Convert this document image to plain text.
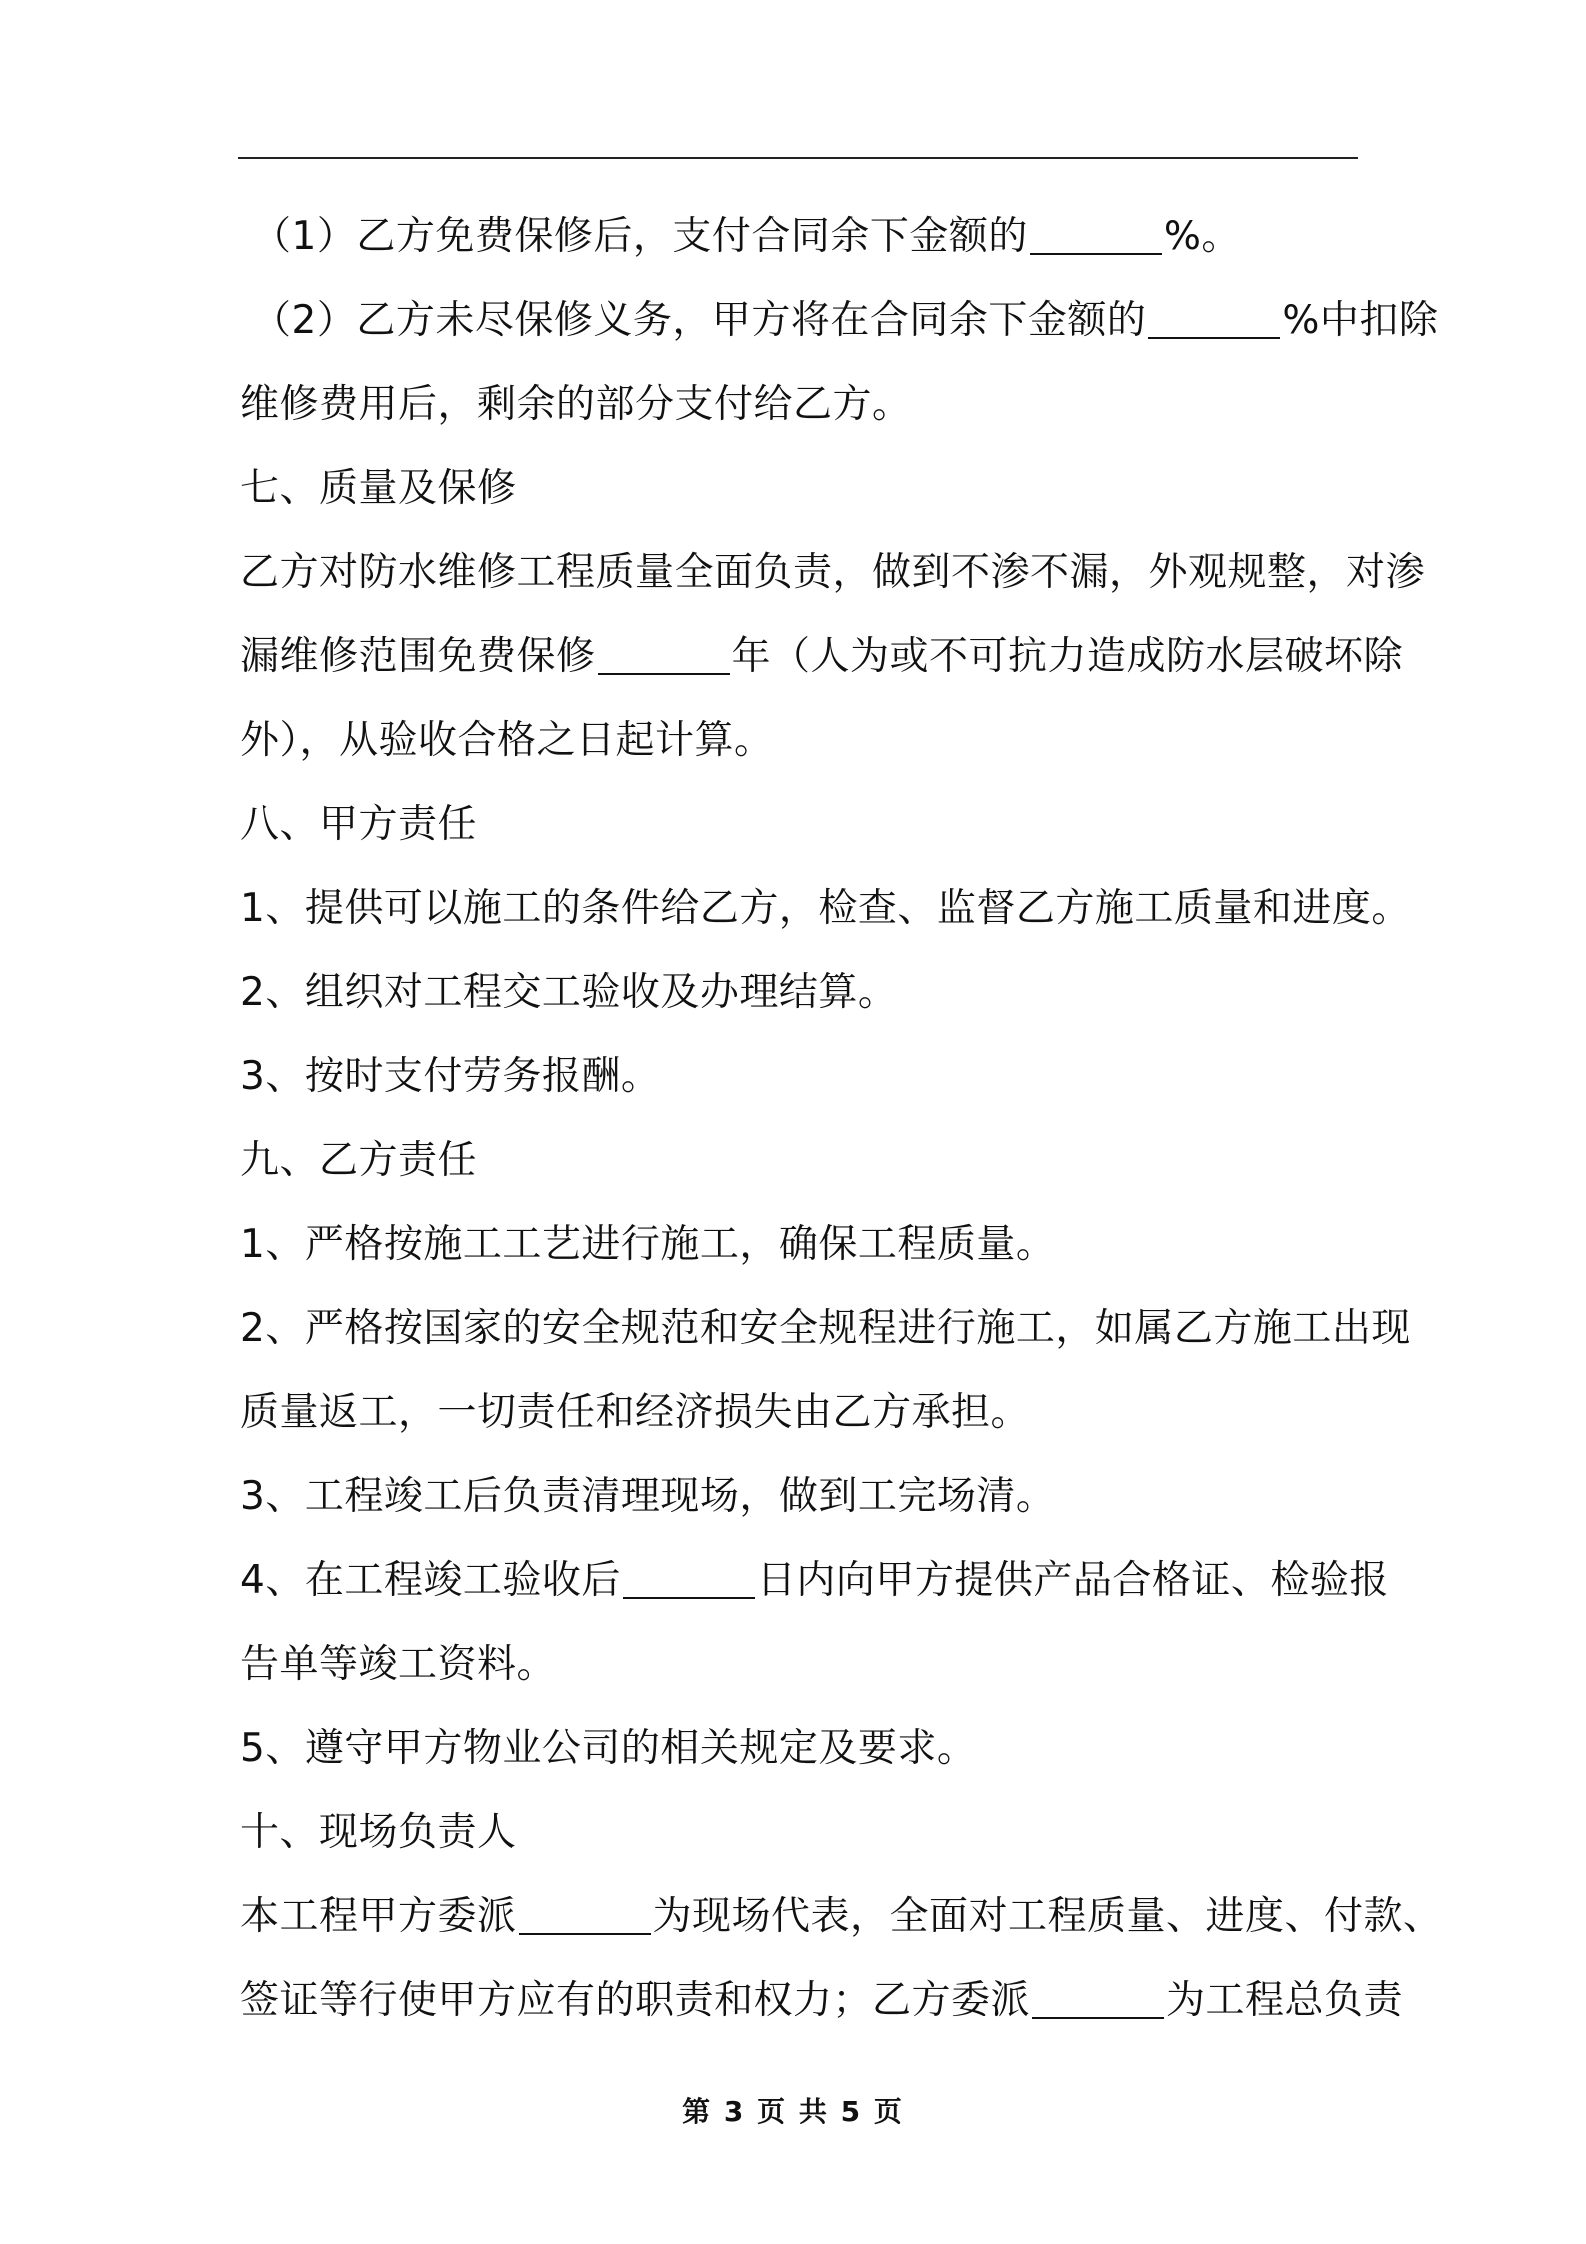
（1）乙方免费保修后，支付合同余下金额的	%。
（2）乙方未尽保修义务，甲方将在合同余下金额的	%中扣除
维修费用后，剩余的部分支付给乙方。
七、质量及保修
乙方对防水维修工程质量全面负责，做到不渗不漏，外观规整，对渗
漏维修范围免费保修	年（人为或不可抗力造成防水层破坏除
外），从验收合格之日起计算。
八、甲方责任
1、提供可以施工的条件给乙方，检查、监督乙方施工质量和进度。
2、组织对工程交工验收及办理结算。
3、按时支付劳务报酬。
九、乙方责任
1、严格按施工工艺进行施工，确保工程质量。
2、严格按国家的安全规范和安全规程进行施工，如属乙方施工出现
质量返工，一切责任和经济损失由乙方承担。
3、工程竣工后负责清理现场，做到工完场清。
4、在工程竣工验收后	日内向甲方提供产品合格证、检验报
告单等竣工资料。
5、遵守甲方物业公司的相关规定及要求。
十、现场负责人
本工程甲方委派	为现场代表，全面对工程质量、进度、付款、
签证等行使甲方应有的职责和权力；乙方委派	为工程总负责
第 3 页 共 5 页
